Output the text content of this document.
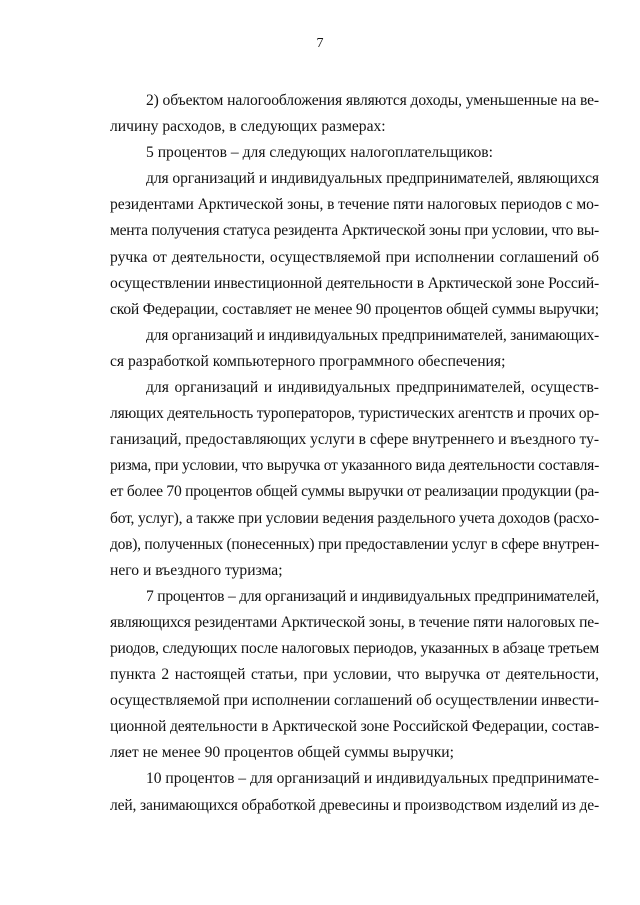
7
2) объектом налогообложения являются доходы, уменьшенные на ве-
личину расходов, в следующих размерах:
5 процентов – для следующих налогоплательщиков:
для организаций и индивидуальных предпринимателей, являющихся
резидентами Арктической зоны, в течение пяти налоговых периодов с мо-
мента получения статуса резидента Арктической зоны при условии, что вы-
ручка от деятельности, осуществляемой при исполнении соглашений об
осуществлении инвестиционной деятельности в Арктической зоне Россий-
ской Федерации, составляет не менее 90 процентов общей суммы выручки;
для организаций и индивидуальных предпринимателей, занимающих-
ся разработкой компьютерного программного обеспечения;
для организаций и индивидуальных предпринимателей, осуществ-
ляющих деятельность туроператоров, туристических агентств и прочих ор-
ганизаций, предоставляющих услуги в сфере внутреннего и въездного ту-
ризма, при условии, что выручка от указанного вида деятельности составля-
ет более 70 процентов общей суммы выручки от реализации продукции (ра-
бот, услуг), а также при условии ведения раздельного учета доходов (расхо-
дов), полученных (понесенных) при предоставлении услуг в сфере внутрен-
него и въездного туризма;
7 процентов – для организаций и индивидуальных предпринимателей,
являющихся резидентами Арктической зоны, в течение пяти налоговых пе-
риодов, следующих после налоговых периодов, указанных в абзаце третьем
пункта 2 настоящей статьи, при условии, что выручка от деятельности,
осуществляемой при исполнении соглашений об осуществлении инвести-
ционной деятельности в Арктической зоне Российской Федерации, состав-
ляет не менее 90 процентов общей суммы выручки;
10 процентов – для организаций и индивидуальных предпринимате-
лей, занимающихся обработкой древесины и производством изделий из де-
